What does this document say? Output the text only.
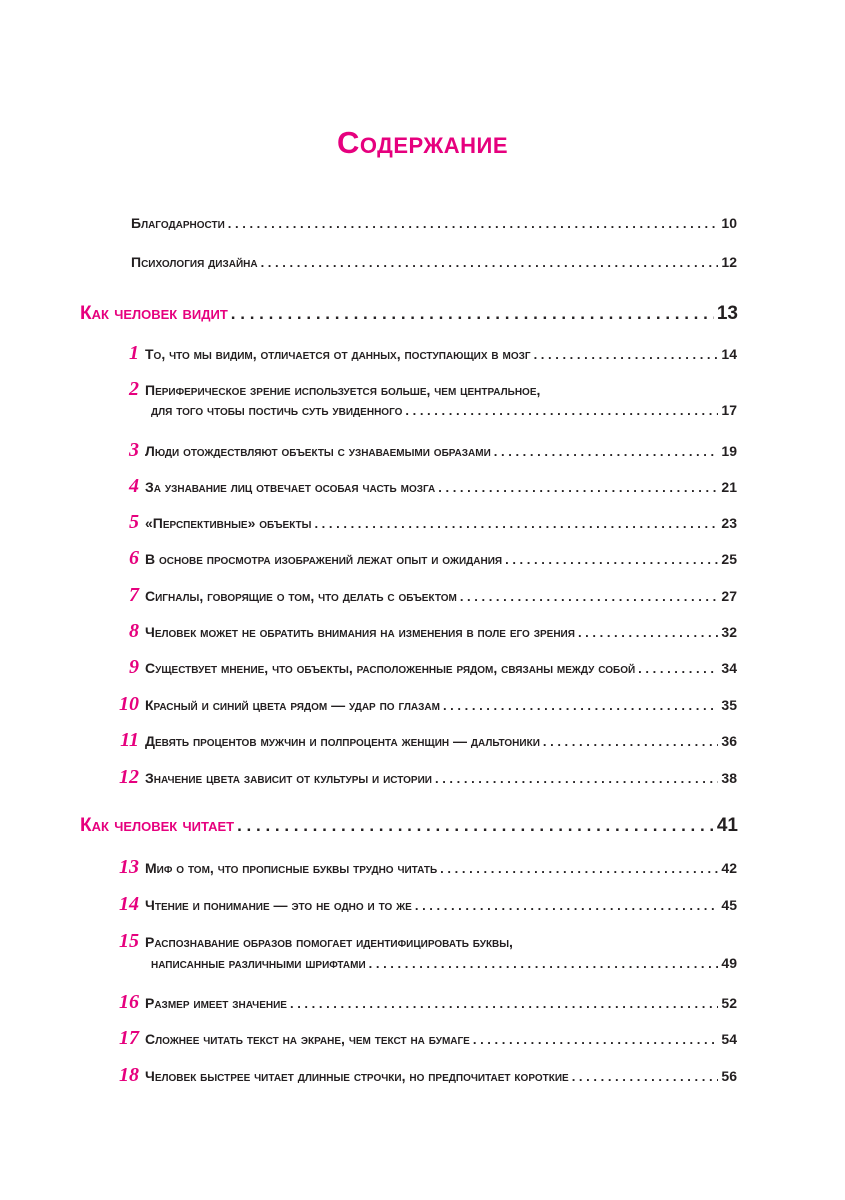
Содержание
Благодарности . . .	10
Психология дизайна . . .	12
Как человек видит . . .	13
1 То, что мы видим, отличается от данных, поступающих в мозг . . .	14
2 Периферическое зрение используется больше, чем центральное,
для того чтобы постичь суть увиденного . . .	17
3 Люди отождествляют объекты с узнаваемыми образами . . .	19
4 За узнавание лиц отвечает особая часть мозга . . .	21
5 «Перспективные» объекты . . .	23
6 В основе просмотра изображений лежат опыт и ожидания . . .	25
7 Сигналы, говорящие о том, что делать с объектом . . .	27
8 Человек может не обратить внимания на изменения в поле его зрения . . .	32
9 Существует мнение, что объекты, расположенные рядом, связаны между собой . . .	34
10 Красный и синий цвета рядом — удар по глазам . . .	35
11 Девять процентов мужчин и полпроцента женщин — дальтоники . . .	36
12 Значение цвета зависит от культуры и истории . . .	38
Как человек читает . . .	41
13 Миф о том, что прописные буквы трудно читать . . .	42
14 Чтение и понимание — это не одно и то же . . .	45
15 Распознавание образов помогает идентифицировать буквы,
написанные различными шрифтами . . .	49
16 Размер имеет значение . . .	52
17 Сложнее читать текст на экране, чем текст на бумаге . . .	54
18 Человек быстрее читает длинные строчки, но предпочитает короткие . . .	56
